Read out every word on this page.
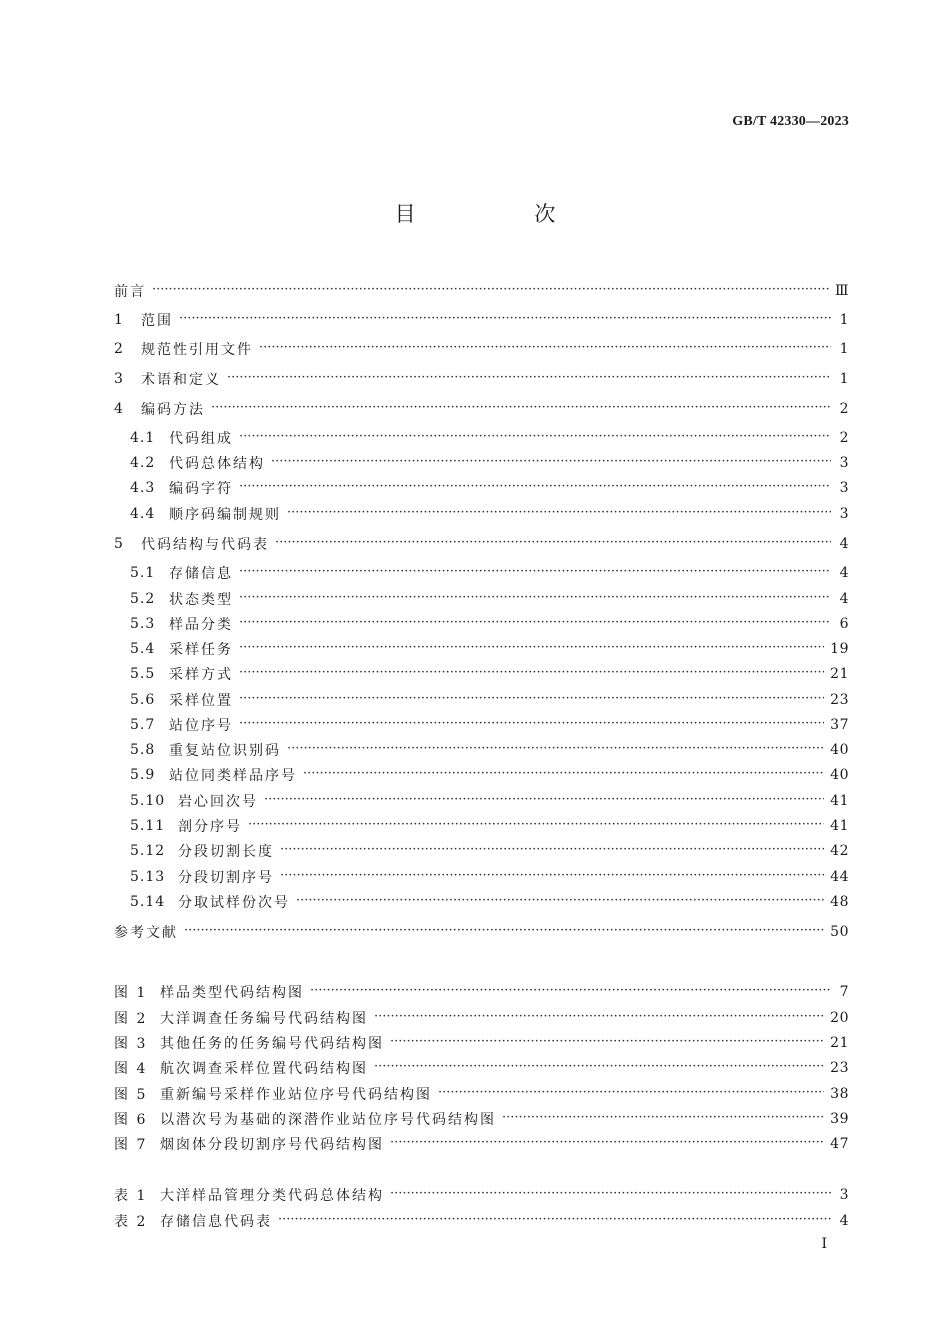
GB/T 42330—2023
目 次
前言 ·····	Ⅲ
1	范围 ·····	1
2	规范性引用文件 ·····	1
3	术语和定义 ·····	1
4	编码方法 ·····	2
4.1 代码组成 ·····	2
4.2 代码总体结构 ·····	3
4.3 编码字符 ·····	3
4.4 顺序码编制规则 ·····	3
5	代码结构与代码表 ·····	4
5.1 存储信息 ·····	4
5.2 状态类型 ·····	4
5.3 样品分类 ·····	6
5.4 采样任务 ·····	19
5.5 采样方式 ·····	21
5.6 采样位置 ·····	23
5.7 站位序号 ·····	37
5.8 重复站位识别码 ·····	40
5.9 站位同类样品序号 ·····	40
5.10 岩心回次号 ·····	41
5.11 剖分序号 ·····	41
5.12 分段切割长度 ·····	42
5.13 分段切割序号 ·····	44
5.14 分取试样份次号 ·····	48
参考文献 ·····	50
图 1 样品类型代码结构图 ·····	7
图 2 大洋调查任务编号代码结构图 ·····	20
图 3 其他任务的任务编号代码结构图 ·····	21
图 4 航次调查采样位置代码结构图 ·····	23
图 5 重新编号采样作业站位序号代码结构图 ·····	38
图 6 以潜次号为基础的深潜作业站位序号代码结构图 ·····	39
图 7 烟囱体分段切割序号代码结构图 ·····	47
表 1 大洋样品管理分类代码总体结构 ·····	3
表 2 存储信息代码表 ·····	4
I
